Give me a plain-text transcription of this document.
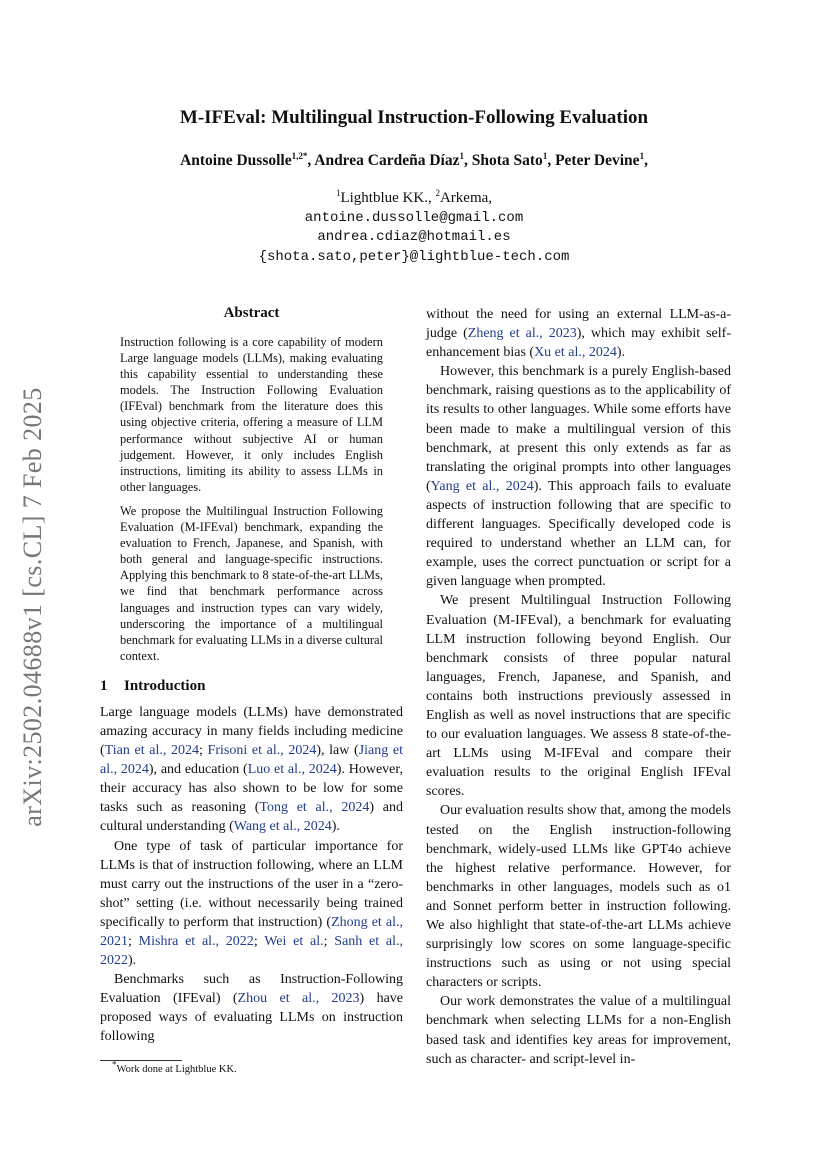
arXiv:2502.04688v1 [cs.CL] 7 Feb 2025
M-IFEval: Multilingual Instruction-Following Evaluation
Antoine Dussolle$^{1,2*}$, Andrea Cardeña Díaz$^1$, Shota Sato$^1$, Peter Devine$^1$,
$^1$Lightblue KK., $^2$Arkema,
antoine.dussolle@gmail.com
andrea.cdiaz@hotmail.es
{shota.sato,peter}@lightblue-tech.com
Abstract

Instruction following is a core capability of modern Large language models (LLMs), making evaluating this capability essential to understanding these models. The Instruction Following Evaluation (IFEval) benchmark from the literature does this using objective criteria, offering a measure of LLM performance without subjective AI or human judgement. However, it only includes English instructions, limiting its ability to assess LLMs in other languages.

We propose the Multilingual Instruction Following Evaluation (M-IFEval) benchmark, expanding the evaluation to French, Japanese, and Spanish, with both general and language-specific instructions. Applying this benchmark to 8 state-of-the-art LLMs, we find that benchmark performance across languages and instruction types can vary widely, underscoring the importance of a multilingual benchmark for evaluating LLMs in a diverse cultural context.

1 Introduction

Large language models (LLMs) have demonstrated amazing accuracy in many fields including medicine (Tian et al., 2024; Frisoni et al., 2024), law (Jiang et al., 2024), and education (Luo et al., 2024). However, their accuracy has also shown to be low for some tasks such as reasoning (Tong et al., 2024) and cultural understanding (Wang et al., 2024).

One type of task of particular importance for LLMs is that of instruction following, where an LLM must carry out the instructions of the user in a “zero-shot” setting (i.e. without necessarily being trained specifically to perform that instruction) (Zhong et al., 2021; Mishra et al., 2022; Wei et al.; Sanh et al., 2022).

Benchmarks such as Instruction-Following Evaluation (IFEval) (Zhou et al., 2023) have proposed ways of evaluating LLMs on instruction following

without the need for using an external LLM-as-a-judge (Zheng et al., 2023), which may exhibit self-enhancement bias (Xu et al., 2024).

However, this benchmark is a purely English-based benchmark, raising questions as to the applicability of its results to other languages. While some efforts have been made to make a multilingual version of this benchmark, at present this only extends as far as translating the original prompts into other languages (Yang et al., 2024). This approach fails to evaluate aspects of instruction following that are specific to different languages. Specifically developed code is required to understand whether an LLM can, for example, uses the correct punctuation or script for a given language when prompted.

We present Multilingual Instruction Following Evaluation (M-IFEval), a benchmark for evaluating LLM instruction following beyond English. Our benchmark consists of three popular natural languages, French, Japanese, and Spanish, and contains both instructions previously assessed in English as well as novel instructions that are specific to our evaluation languages. We assess 8 state-of-the-art LLMs using M-IFEval and compare their evaluation results to the original English IFEval scores.

Our evaluation results show that, among the models tested on the English instruction-following benchmark, widely-used LLMs like GPT4o achieve the highest relative performance. However, for benchmarks in other languages, models such as o1 and Sonnet perform better in instruction following. We also highlight that state-of-the-art LLMs achieve surprisingly low scores on some language-specific instructions such as using or not using special characters or scripts.

Our work demonstrates the value of a multilingual benchmark when selecting LLMs for a non-English based task and identifies key areas for improvement, such as character- and script-level in-

*Work done at Lightblue KK.
